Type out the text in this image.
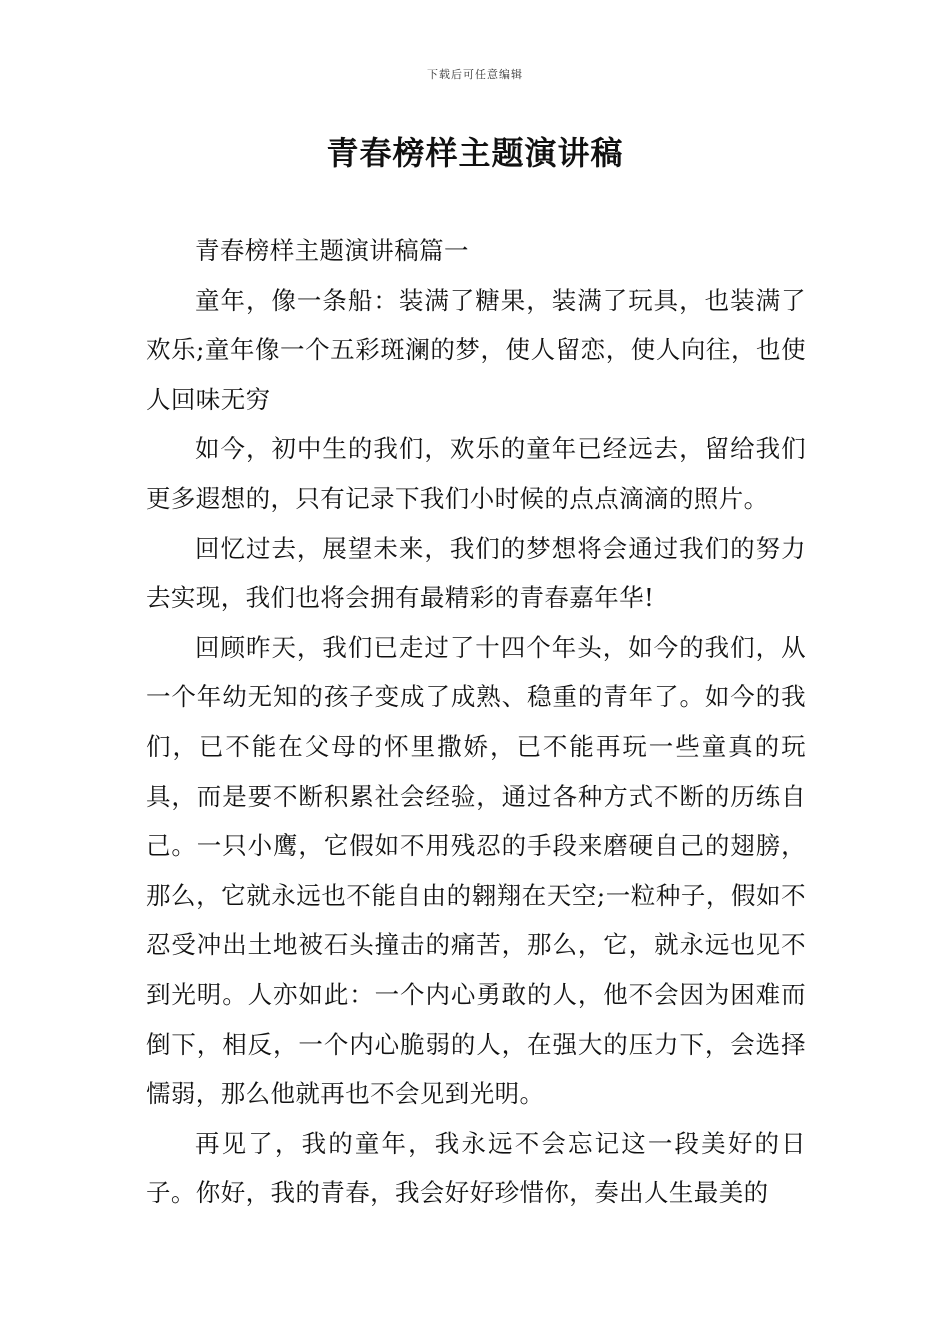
下载后可任意编辑
青春榜样主题演讲稿

青春榜样主题演讲稿篇一

童年，像一条船：装满了糖果，装满了玩具，也装满了欢乐;童年像一个五彩斑澜的梦，使人留恋，使人向往，也使人回味无穷

如今，初中生的我们，欢乐的童年已经远去，留给我们更多遐想的，只有记录下我们小时候的点点滴滴的照片。

回忆过去，展望未来，我们的梦想将会通过我们的努力去实现，我们也将会拥有最精彩的青春嘉年华!

回顾昨天，我们已走过了十四个年头，如今的我们，从一个年幼无知的孩子变成了成熟、稳重的青年了。如今的我们，已不能在父母的怀里撒娇，已不能再玩一些童真的玩具，而是要不断积累社会经验，通过各种方式不断的历练自己。一只小鹰，它假如不用残忍的手段来磨硬自己的翅膀，那么，它就永远也不能自由的翱翔在天空;一粒种子，假如不忍受冲出土地被石头撞击的痛苦，那么，它，就永远也见不到光明。人亦如此：一个内心勇敢的人，他不会因为困难而倒下，相反，一个内心脆弱的人，在强大的压力下，会选择懦弱，那么他就再也不会见到光明。

再见了，我的童年，我永远不会忘记这一段美好的日子。你好，我的青春，我会好好珍惜你，奏出人生最美的
